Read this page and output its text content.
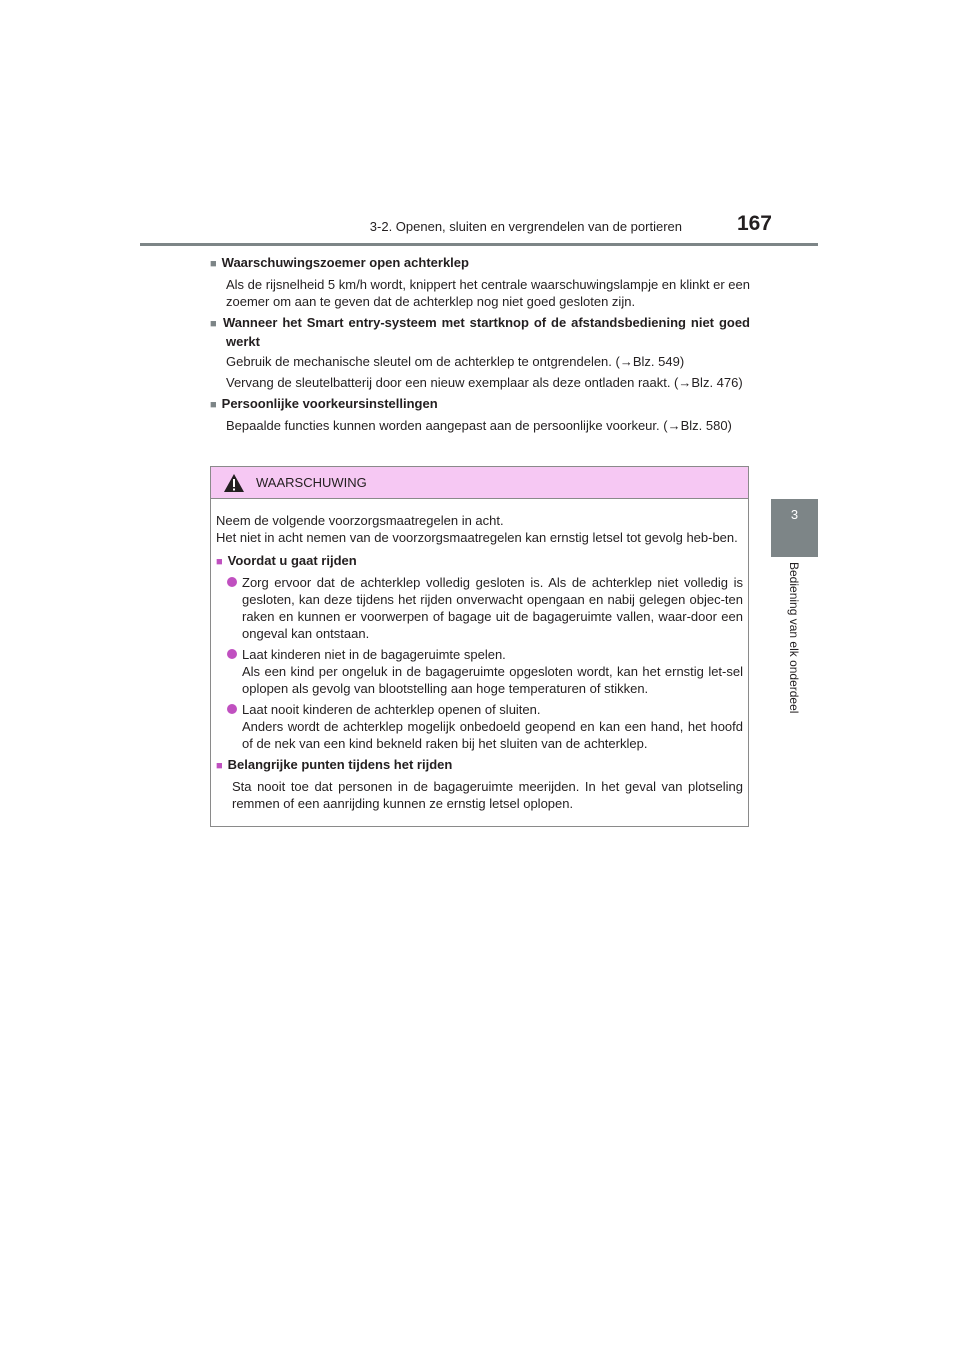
3-2. Openen, sluiten en vergrendelen van de portieren	167
3
Bediening van elk onderdeel
■ Waarschuwingszoemer open achterklep
Als de rijsnelheid 5 km/h wordt, knippert het centrale waarschuwingslampje en klinkt er een zoemer om aan te geven dat de achterklep nog niet goed gesloten zijn.
■ Wanneer het Smart entry-systeem met startknop of de afstandsbediening niet goed werkt
Gebruik de mechanische sleutel om de achterklep te ontgrendelen. (→Blz. 549)
Vervang de sleutelbatterij door een nieuw exemplaar als deze ontladen raakt. (→Blz. 476)
■ Persoonlijke voorkeursinstellingen
Bepaalde functies kunnen worden aangepast aan de persoonlijke voorkeur. (→Blz. 580)
WAARSCHUWING
Neem de volgende voorzorgsmaatregelen in acht.
Het niet in acht nemen van de voorzorgsmaatregelen kan ernstig letsel tot gevolg heb-ben.
■ Voordat u gaat rijden
Zorg ervoor dat de achterklep volledig gesloten is. Als de achterklep niet volledig is gesloten, kan deze tijdens het rijden onverwacht opengaan en nabij gelegen objec-ten raken en kunnen er voorwerpen of bagage uit de bagageruimte vallen, waar-door een ongeval kan ontstaan.
Laat kinderen niet in de bagageruimte spelen.
Als een kind per ongeluk in de bagageruimte opgesloten wordt, kan het ernstig let-sel oplopen als gevolg van blootstelling aan hoge temperaturen of stikken.
Laat nooit kinderen de achterklep openen of sluiten.
Anders wordt de achterklep mogelijk onbedoeld geopend en kan een hand, het hoofd of de nek van een kind bekneld raken bij het sluiten van de achterklep.
■ Belangrijke punten tijdens het rijden
Sta nooit toe dat personen in de bagageruimte meerijden. In het geval van plotseling remmen of een aanrijding kunnen ze ernstig letsel oplopen.
